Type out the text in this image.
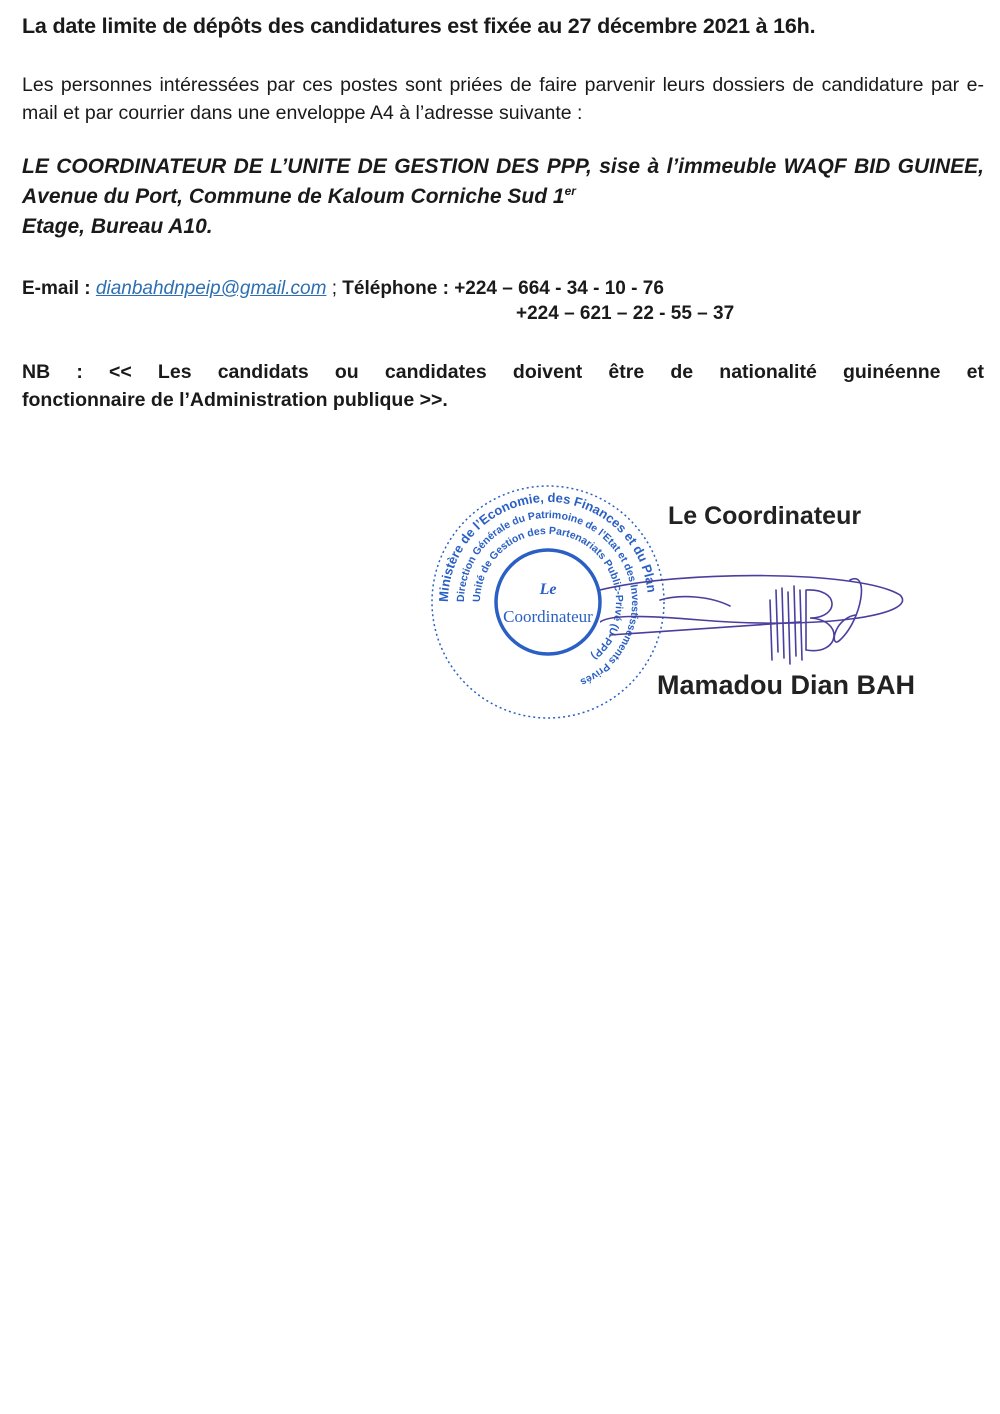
La date limite de dépôts des candidatures est fixée au 27 décembre 2021 à 16h.
Les personnes intéressées par ces postes sont priées de faire parvenir leurs dossiers de candidature par e-mail et par courrier dans une enveloppe A4 à l’adresse suivante :
LE COORDINATEUR DE L’UNITE DE GESTION DES PPP, sise à l’immeuble WAQF BID GUINEE, Avenue du Port, Commune de Kaloum Corniche Sud 1er
Etage, Bureau A10.
E-mail : dianbahdnpeip@gmail.com ; Téléphone : +224 – 664 - 34 - 10 - 76
+224 – 621 – 22 - 55 – 37
NB : << Les candidats ou candidates doivent être de nationalité guinéenne et
fonctionnaire de l’Administration publique >>.
Ministère de l’Economie, des Finances et du Plan
Direction Générale du Patrimoine de l’Etat et des Investissements Privés
Unité de Gestion des Partenariats Public-Privé (U-PPP)
Le
Coordinateur
Le Coordinateur
Mamadou Dian BAH
